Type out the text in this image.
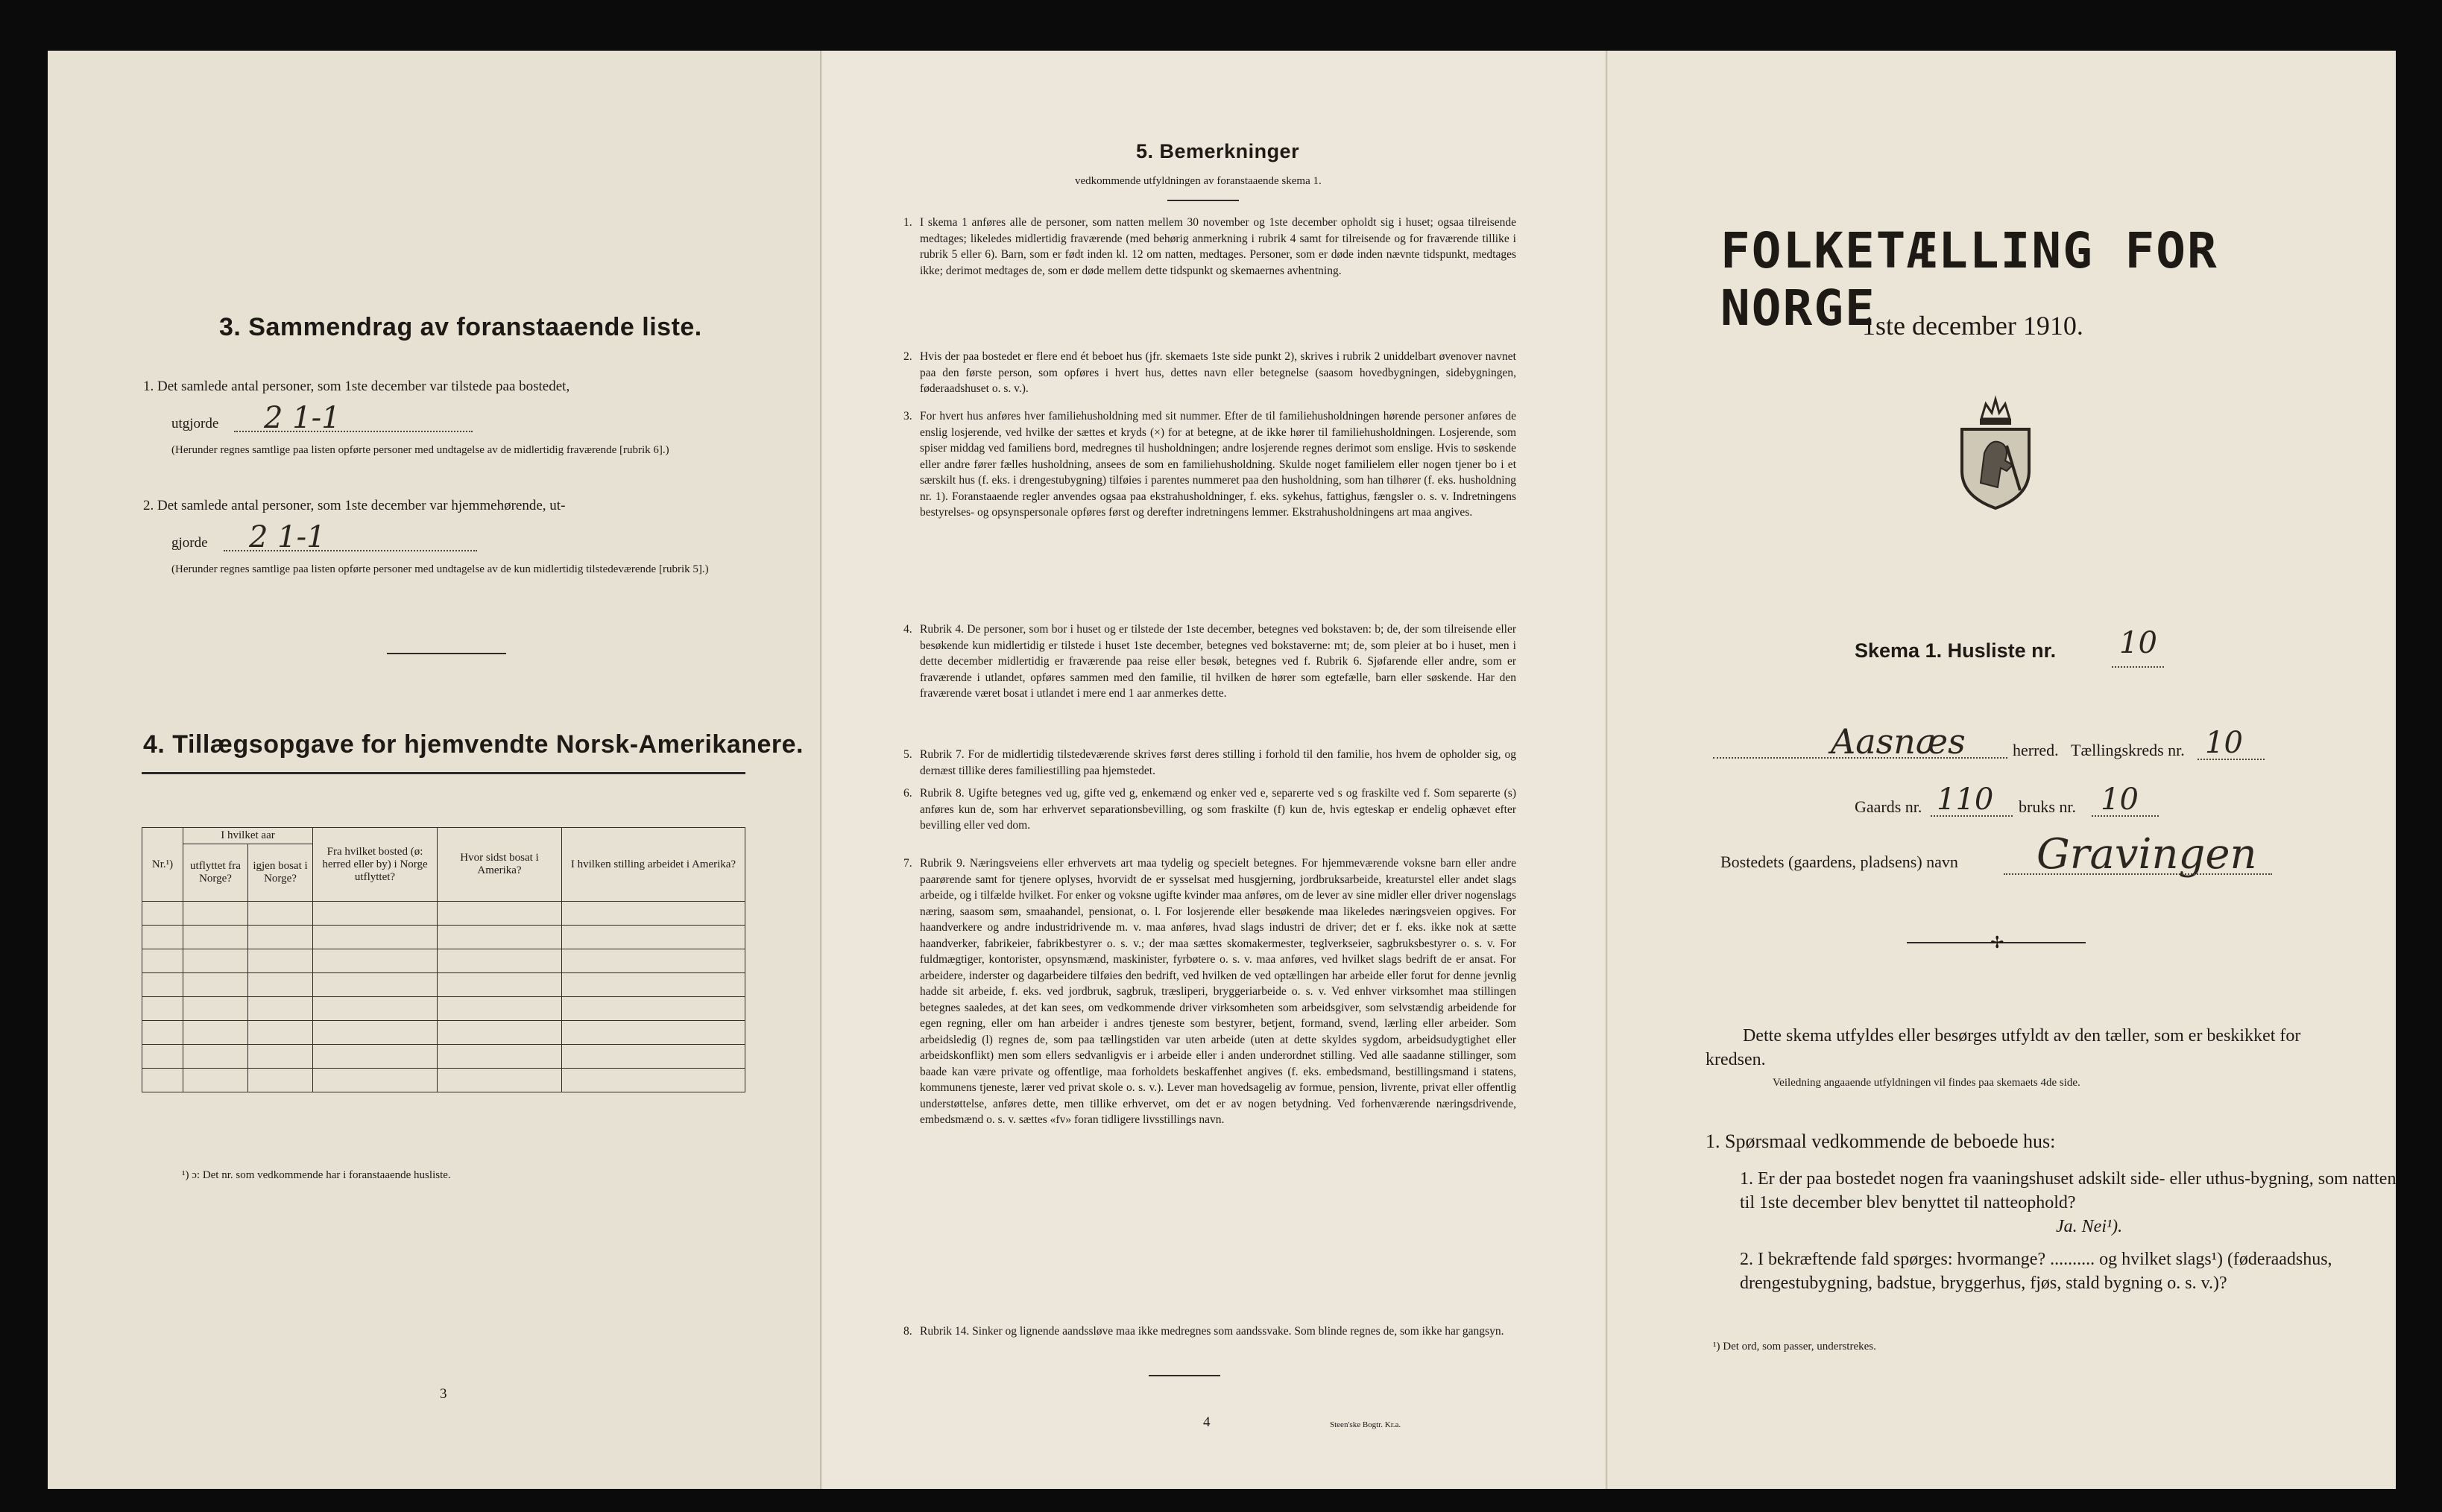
3. Sammendrag av foranstaaende liste.
1. Det samlede antal personer, som 1ste december var tilstede paa bostedet,
utgjorde 2 1-1
(Herunder regnes samtlige paa listen opførte personer med undtagelse av de midlertidig fraværende [rubrik 6].)
2. Det samlede antal personer, som 1ste december var hjemmehørende, ut-
gjorde 2 1-1
(Herunder regnes samtlige paa listen opførte personer med undtagelse av de kun midlertidig tilstedeværende [rubrik 5].)
4. Tillægsopgave for hjemvendte Norsk-Amerikanere.
Nr.¹)	I hvilket aar		Fra hvilket bosted (ø: herred eller by) i Norge utflyttet?	Hvor sidst bosat i Amerika?	I hvilken stilling arbeidet i Amerika?
	utflyttet fra Norge?	igjen bosat i Norge?			

¹) ɔ: Det nr. som vedkommende har i foranstaaende husliste.
3
5. Bemerkninger
vedkommende utfyldningen av foranstaaende skema 1.
1. I skema 1 anføres alle de personer, som natten mellem 30 november og 1ste december opholdt sig i huset; ogsaa tilreisende medtages; likeledes midlertidig fraværende (med behørig anmerkning i rubrik 4 samt for tilreisende og for fraværende tillike i rubrik 5 eller 6). Barn, som er født inden kl. 12 om natten, medtages. Personer, som er døde inden nævnte tidspunkt, medtages ikke; derimot medtages de, som er døde mellem dette tidspunkt og skemaernes avhentning.
2. Hvis der paa bostedet er flere end ét beboet hus (jfr. skemaets 1ste side punkt 2), skrives i rubrik 2 uniddelbart øvenover navnet paa den første person, som opføres i hvert hus, dettes navn eller betegnelse (saasom hovedbygningen, sidebygningen, føderaadshuset o. s. v.).
3. For hvert hus anføres hver familiehusholdning med sit nummer. Efter de til familiehusholdningen hørende personer anføres de enslig losjerende, ved hvilke der sættes et kryds (×) for at betegne, at de ikke hører til familiehusholdningen. Losjerende, som spiser middag ved familiens bord, medregnes til husholdningen; andre losjerende regnes derimot som enslige. Hvis to søskende eller andre fører fælles husholdning, ansees de som en familiehusholdning. Skulde noget familielem eller nogen tjener bo i et særskilt hus (f. eks. i drengestubygning) tilføies i parentes nummeret paa den husholdning, som han tilhører (f. eks. husholdning nr. 1). Foranstaaende regler anvendes ogsaa paa ekstrahusholdninger, f. eks. sykehus, fattighus, fængsler o. s. v. Indretningens bestyrelses- og opsynspersonale opføres først og derefter indretningens lemmer. Ekstrahusholdningens art maa angives.
4. Rubrik 4. De personer, som bor i huset og er tilstede der 1ste december, betegnes ved bokstaven: b; de, der som tilreisende eller besøkende kun midlertidig er tilstede i huset 1ste december, betegnes ved bokstaverne: mt; de, som pleier at bo i huset, men i dette december midlertidig er fraværende paa reise eller besøk, betegnes ved f. Rubrik 6. Sjøfarende eller andre, som er fraværende i utlandet, opføres sammen med den familie, til hvilken de hører som egtefælle, barn eller søskende. Har den fraværende været bosat i utlandet i mere end 1 aar anmerkes dette.
5. Rubrik 7. For de midlertidig tilstedeværende skrives først deres stilling i forhold til den familie, hos hvem de opholder sig, og dernæst tillike deres familiestilling paa hjemstedet.
6. Rubrik 8. Ugifte betegnes ved ug, gifte ved g, enkemænd og enker ved e, separerte ved s og fraskilte ved f. Som separerte (s) anføres kun de, som har erhvervet separationsbevilling, og som fraskilte (f) kun de, hvis egteskap er endelig ophævet efter bevilling eller ved dom.
7. Rubrik 9. Næringsveiens eller erhvervets art maa tydelig og specielt betegnes. For hjemmeværende voksne barn eller andre paarørende samt for tjenere oplyses, hvorvidt de er sysselsat med husgjerning, jordbruksarbeide, kreaturstel eller andet slags arbeide, og i tilfælde hvilket. For enker og voksne ugifte kvinder maa anføres, om de lever av sine midler eller driver nogenslags næring, saasom søm, smaahandel, pensionat, o. l. For losjerende eller besøkende maa likeledes næringsveien opgives. For haandverkere og andre industridrivende m. v. maa anføres, hvad slags industri de driver; det er f. eks. ikke nok at sætte haandverker, fabrikeier, fabrikbestyrer o. s. v.; der maa sættes skomakermester, teglverkseier, sagbruksbestyrer o. s. v. For fuldmægtiger, kontorister, opsynsmænd, maskinister, fyrbøtere o. s. v. maa anføres, ved hvilket slags bedrift de er ansat. For arbeidere, inderster og dagarbeidere tilføies den bedrift, ved hvilken de ved optællingen har arbeide eller forut for denne jevnlig hadde sit arbeide, f. eks. ved jordbruk, sagbruk, træsliperi, bryggeriarbeide o. s. v. Ved enhver virksomhet maa stillingen betegnes saaledes, at det kan sees, om vedkommende driver virksomheten som arbeidsgiver, som selvstændig arbeidende for egen regning, eller om han arbeider i andres tjeneste som bestyrer, betjent, formand, svend, lærling eller arbeider. Som arbeidsledig (l) regnes de, som paa tællingstiden var uten arbeide (uten at dette skyldes sygdom, arbeidsudygtighet eller arbeidskonflikt) men som ellers sedvanligvis er i arbeide eller i anden underordnet stilling. Ved alle saadanne stillinger, som baade kan være private og offentlige, maa forholdets beskaffenhet angives (f. eks. embedsmand, bestillingsmand i statens, kommunens tjeneste, lærer ved privat skole o. s. v.). Lever man hovedsagelig av formue, pension, livrente, privat eller offentlig understøttelse, anføres dette, men tillike erhvervet, om det er av nogen betydning. Ved forhenværende næringsdrivende, embedsmænd o. s. v. sættes «fv» foran tidligere livsstillings navn.
8. Rubrik 14. Sinker og lignende aandssløve maa ikke medregnes som aandssvake. Som blinde regnes de, som ikke har gangsyn.
4	Steen'ske Bogtr. Kr.a.
FOLKETÆLLING FOR NORGE
1ste december 1910.
Skema 1. Husliste nr. 10
Aasnæs	herred. Tællingskreds nr. 10
Gaards nr. 110 bruks nr. 10
Bostedets (gaardens, pladsens) navn Gravingen
✢
Dette skema utfyldes eller besørges utfyldt av den tæller, som er beskikket for kredsen.
Veiledning angaaende utfyldningen vil findes paa skemaets 4de side.
1. Spørsmaal vedkommende de beboede hus:
1. Er der paa bostedet nogen fra vaaningshuset adskilt side- eller uthus-bygning, som natten til 1ste december blev benyttet til natteophold?
Ja. Nei¹).
2. I bekræftende fald spørges: hvormange? .......... og hvilket slags¹) (føderaadshus, drengestubygning, badstue, bryggerhus, fjøs, stald bygning o. s. v.)?
¹) Det ord, som passer, understrekes.
